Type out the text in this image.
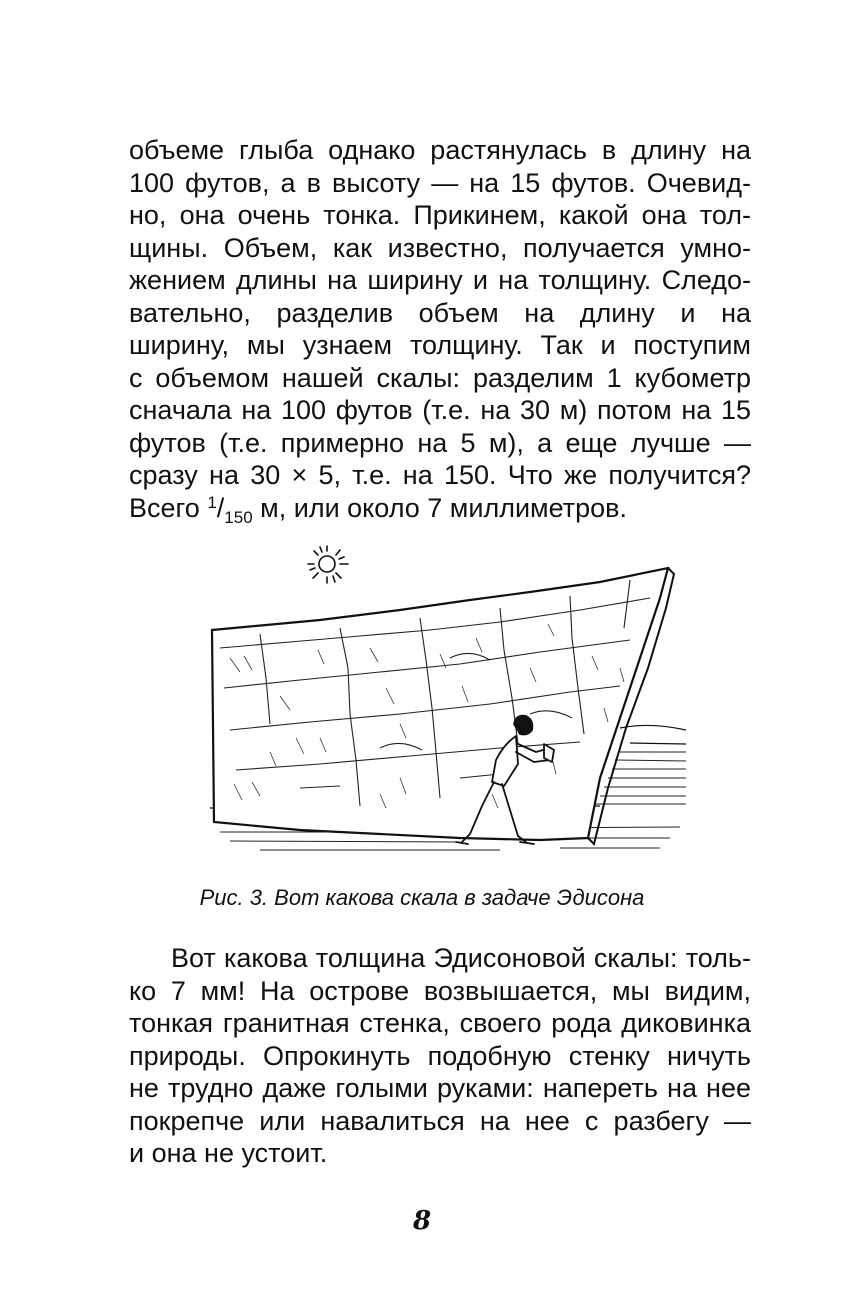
объеме глыба однако растянулась в длину на
100 футов, а в высоту — на 15 футов. Очевид-
но, она очень тонка. Прикинем, какой она тол-
щины. Объем, как известно, получается умно-
жением длины на ширину и на толщину. Следо-
вательно, разделив объем на длину и на
ширину, мы узнаем толщину. Так и поступим
с объемом нашей скалы: разделим 1 кубометр
сначала на 100 футов (т.е. на 30 м) потом на 15
футов (т.е. примерно на 5 м), а еще лучше —
сразу на 30 × 5, т.е. на 150. Что же получится?
Всего $^1/_{150}$ м, или около 7 миллиметров.
Рис. 3. Вот какова скала в задаче Эдисона
Вот какова толщина Эдисоновой скалы: толь-
ко 7 мм! На острове возвышается, мы видим,
тонкая гранитная стенка, своего рода диковинка
природы. Опрокинуть подобную стенку ничуть
не трудно даже голыми руками: напереть на нее
покрепче или навалиться на нее с разбегу —
и она не устоит.
8
